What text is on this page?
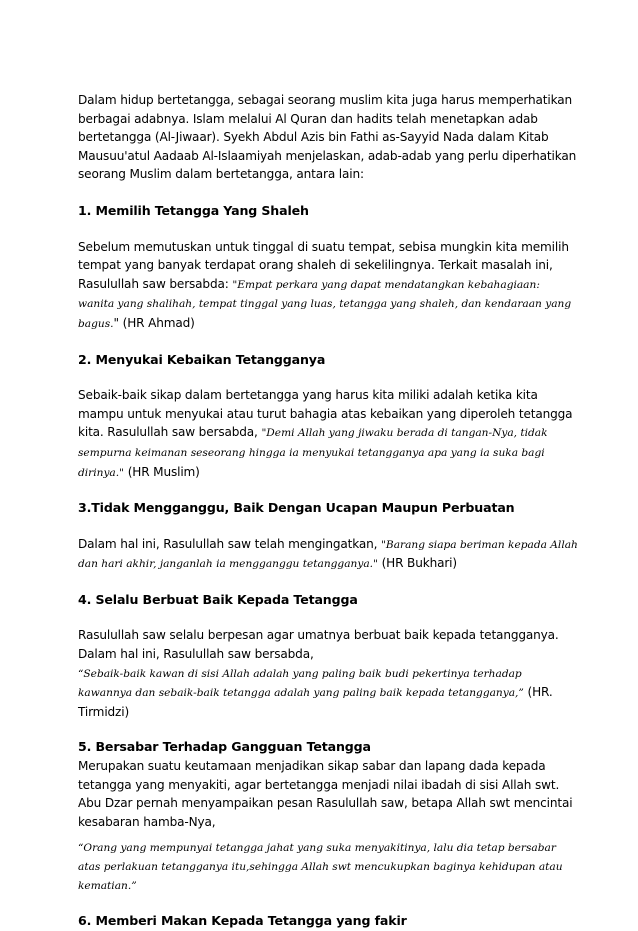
Dalam hidup bertetangga, sebagai seorang muslim kita juga harus memperhatikan berbagai adabnya. Islam melalui Al Quran dan hadits telah menetapkan adab bertetangga (Al-Jiwaar). Syekh Abdul Azis bin Fathi as-Sayyid Nada dalam Kitab Mausuu'atul Aadaab Al-Islaamiyah menjelaskan, adab-adab yang perlu diperhatikan seorang Muslim dalam bertetangga, antara lain:

1. Memilih Tetangga Yang Shaleh

Sebelum memutuskan untuk tinggal di suatu tempat, sebisa mungkin kita memilih tempat yang banyak terdapat orang shaleh di sekelilingnya. Terkait masalah ini, Rasulullah saw bersabda: "Empat perkara yang dapat mendatangkan kebahagiaan: wanita yang shalihah, tempat tinggal yang luas, tetangga yang shaleh, dan kendaraan yang bagus." (HR Ahmad)

2. Menyukai Kebaikan Tetangganya

Sebaik-baik sikap dalam bertetangga yang harus kita miliki adalah ketika kita mampu untuk menyukai atau turut bahagia atas kebaikan yang diperoleh tetangga kita. Rasulullah saw bersabda, "Demi Allah yang jiwaku berada di tangan-Nya, tidak sempurna keimanan seseorang hingga ia menyukai tetangganya apa yang ia suka bagi dirinya." (HR Muslim)

3.Tidak Mengganggu, Baik Dengan Ucapan Maupun Perbuatan

Dalam hal ini, Rasulullah saw telah mengingatkan, "Barang siapa beriman kepada Allah dan hari akhir, janganlah ia mengganggu tetangganya." (HR Bukhari)

4. Selalu Berbuat Baik Kepada Tetangga

Rasulullah saw selalu berpesan agar umatnya berbuat baik kepada tetangganya. Dalam hal ini, Rasulullah saw bersabda,
“Sebaik-baik kawan di sisi Allah adalah yang paling baik budi pekertinya terhadap kawannya dan sebaik-baik tetangga adalah yang paling baik kepada tetangganya,” (HR. Tirmidzi)

5. Bersabar Terhadap Gangguan Tetangga

Merupakan suatu keutamaan menjadikan sikap sabar dan lapang dada kepada tetangga yang menyakiti, agar bertetangga menjadi nilai ibadah di sisi Allah swt. Abu Dzar pernah menyampaikan pesan Rasulullah saw, betapa Allah swt mencintai kesabaran hamba-Nya,

“Orang yang mempunyai tetangga jahat yang suka menyakitinya, lalu dia tetap bersabar atas perlakuan tetangganya itu,sehingga Allah swt mencukupkan baginya kehidupan atau kematian.”

6. Memberi Makan Kepada Tetangga yang fakir
